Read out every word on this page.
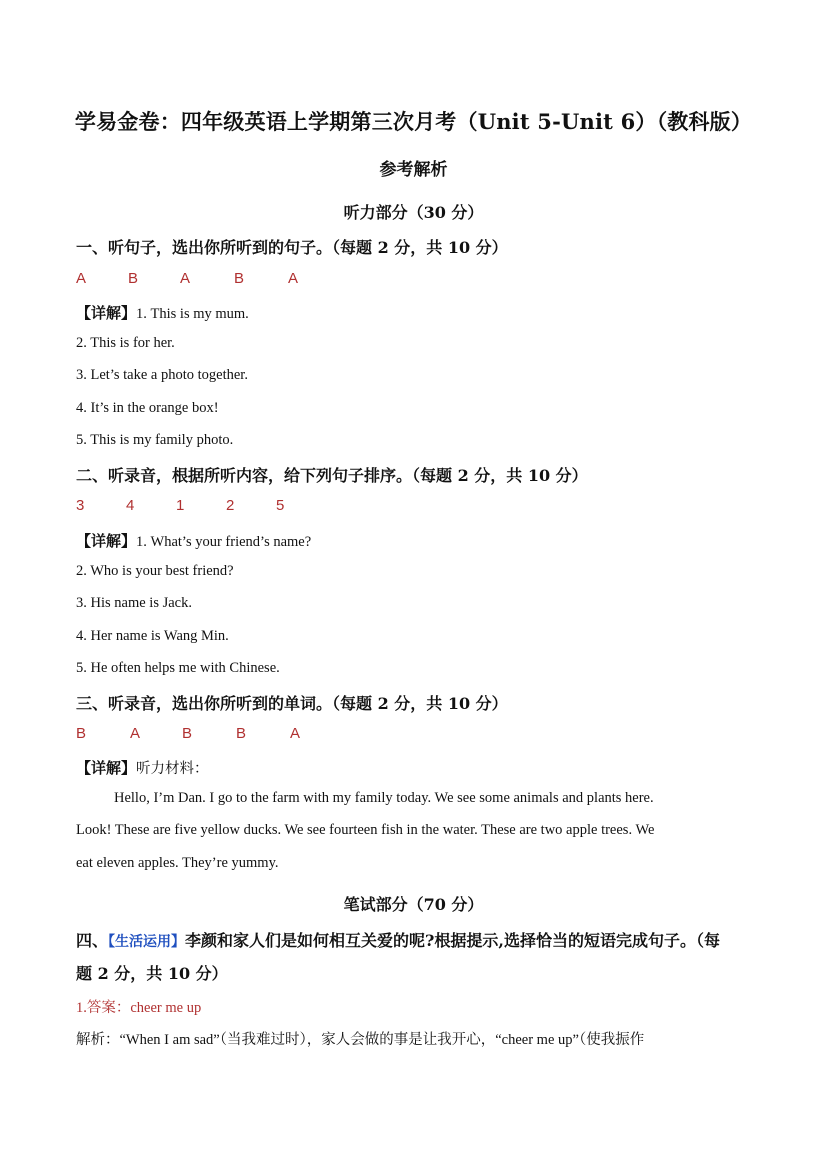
学易金卷：四年级英语上学期第三次月考（Unit 5-Unit 6）（教科版）
参考解析
听力部分（30 分）
一、听句子，选出你所听到的句子。（每题 2 分，共 10 分）
A	B	A	B	A
【详解】1. This is my mum.
2. This is for her.
3. Let’s take a photo together.
4. It’s in the orange box!
5. This is my family photo.
二、听录音，根据所听内容，给下列句子排序。（每题 2 分，共 10 分）
3	4	1	2	5
【详解】1. What’s your friend’s name?
2. Who is your best friend?
3. His name is Jack.
4. Her name is Wang Min.
5. He often helps me with Chinese.
三、听录音，选出你所听到的单词。（每题 2 分，共 10 分）
B	A	B	B	A
【详解】听力材料：
Hello, I’m Dan. I go to the farm with my family today. We see some animals and plants here.
Look! These are five yellow ducks. We see fourteen fish in the water. These are two apple trees. We
eat eleven apples. They’re yummy.
笔试部分（70 分）
四、【生活运用】李颜和家人们是如何相互关爱的呢?根据提示,选择恰当的短语完成句子。（每
题 2 分，共 10 分）
1.答案：cheer me up
解析：“When I am sad”（当我难过时），家人会做的事是让我开心，“cheer me up”（使我振作
